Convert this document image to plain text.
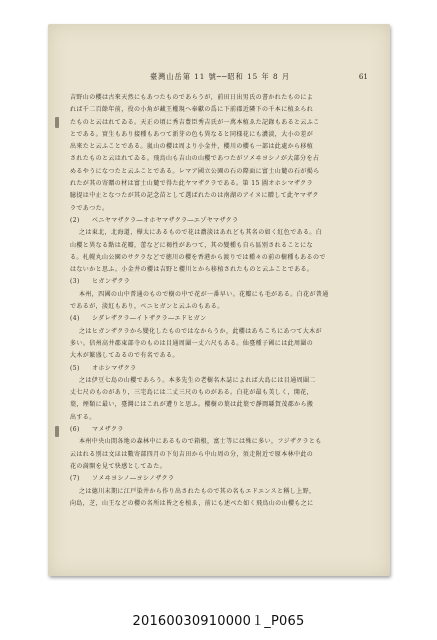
臺灣山岳第 11 號──昭和 15 年 8 月	61

吉野山の櫻は古來天然にもあつたものであらうが，前田日出男氏の書かれたものによ

れば千二百餘年前，役の小角が藏王權現へ奉獻の爲に下前郡近隣下の千本に植ゑられ

たものと云はれてゐる。天正の頃に秀吉豊臣秀吉氏が一萬本植ゑた記錄もあると云ふこ

とである。實生もあり接種もあつて新芽の色も異なると同様花にも濃淡，大小の差が

出來たと云ふことである。嵐山の櫻は周より小金井，櫻川の櫻も一部は此處から移植

されたものと云はれてゐる。飛鳥山も吉山の山櫻であつたがソメヰヨシノが大部分を占

めるやうになつたと云ふことである。レマア國立公園の石の際面に富士山麓の石が掲ら

れたが其の寄贈の材は富士山麓で得た此ヤマザクラである。第 15 圖オホシマザクラ

臆提は中止となつたが其の記念苗として選ばれたのは南湖のアイヌに贈して此ヤマザク

ラであつた。

(2) ベニヤマザクラ―オホヤマザクラ―エゾヤマザクラ

之は東北，北海道，樺太にあるもので花は濃淡はあれども其名の如く紅色である。白

山櫻と異なる點は花瓣，蕾などに褐性があつて，其の變種も自ら區別されることにな

る。札幌丸山公園のサクラなどで徳川の櫻を香港から渡りでは種々の前の樹種もあるので

はないかと思ふ。小金井の櫻は吉野と櫻川とから移植されたものと云ふことである。

(3) ヒガンザクラ

本州，四國の山中普通のもので樹の中で花が一番早い。花瓣にも毛がある。白花が普通

であるが，淡紅もあり，ベニヒガンと云ふのもある。

(4) シダレザクラ―イトザクラ―エドヒガン

之はヒガンザクラから變化したものではなからうか，此櫻はあちこちにあつて大木が

多い。信州高井郡東部寺のものは目通周圍一丈六尺もある。仙臺種子國には此周圍の

大木が繁盛してゐるので有名である。

(5) オホシマザクラ

之は伊豆七島の山櫻であらう。本多先生の老樹名木誌によれば大島には目通周圍二

丈七尺のものがあり，三宅島には二丈三尺のものがある。白花が最も美しく，開花，

葉，煙類に最い，臺灣にはこれが遭りと思ふ。櫻樹の葉は此葉で靜岡縣賀茂郡から搬

出する。

(6) マメザクラ

本州中央山間各地の森林中にあるもので箱根，富士等には殊に多い，フジザクラとも

云はれる別は文ほは數寄部四月の下旬吉田から中山周の分，須走附近で原本林中此の

花の満開を見て快感としてゐた。

(7) ソメヰヨシノ―ヨシノザクラ

之は德川末期に江戸染井から作り出されたもので其の名もエドエンスと稱し上野，

向島，芝，山王などの櫻の名所は皆之を植ゑ，前にも述べた如く飛鳥山の山櫻も之に

20160030910000１_P065
